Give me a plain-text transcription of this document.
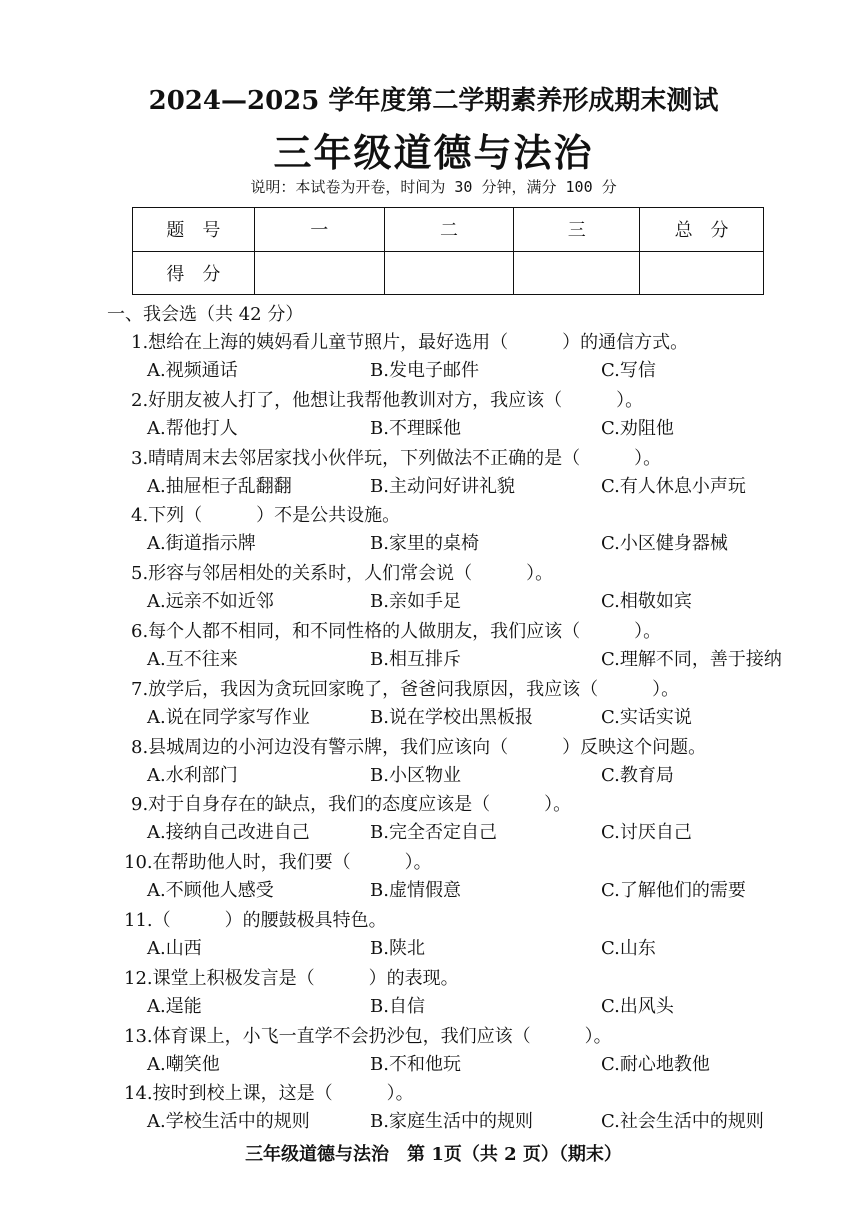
2024—2025 学年度第二学期素养形成期末测试
三年级道德与法治
说明：本试卷为开卷，时间为 30 分钟，满分 100 分
题　号	一	二	三	总　分
得　分				
一、我会选（共 42 分）
1.想给在上海的姨妈看儿童节照片，最好选用（　　　）的通信方式。
A.视频通话	B.发电子邮件	C.写信
2.好朋友被人打了，他想让我帮他教训对方，我应该（　　　）。
A.帮他打人	B.不理睬他	C.劝阻他
3.晴晴周末去邻居家找小伙伴玩，下列做法不正确的是（　　　）。
A.抽屉柜子乱翻翻	B.主动问好讲礼貌	C.有人休息小声玩
4.下列（　　　）不是公共设施。
A.街道指示牌	B.家里的桌椅	C.小区健身器械
5.形容与邻居相处的关系时，人们常会说（　　　）。
A.远亲不如近邻	B.亲如手足	C.相敬如宾
6.每个人都不相同，和不同性格的人做朋友，我们应该（　　　）。
A.互不往来	B.相互排斥	C.理解不同，善于接纳
7.放学后，我因为贪玩回家晚了，爸爸问我原因，我应该（　　　）。
A.说在同学家写作业	B.说在学校出黑板报	C.实话实说
8.县城周边的小河边没有警示牌，我们应该向（　　　）反映这个问题。
A.水利部门	B.小区物业	C.教育局
9.对于自身存在的缺点，我们的态度应该是（　　　）。
A.接纳自己改进自己	B.完全否定自己	C.讨厌自己
10.在帮助他人时，我们要（　　　）。
A.不顾他人感受	B.虚情假意	C.了解他们的需要
11.（　　　）的腰鼓极具特色。
A.山西	B.陕北	C.山东
12.课堂上积极发言是（　　　）的表现。
A.逞能	B.自信	C.出风头
13.体育课上，小飞一直学不会扔沙包，我们应该（　　　）。
A.嘲笑他	B.不和他玩	C.耐心地教他
14.按时到校上课，这是（　　　）。
A.学校生活中的规则	B.家庭生活中的规则	C.社会生活中的规则
三年级道德与法治　第 1页（共 2 页）（期末）
